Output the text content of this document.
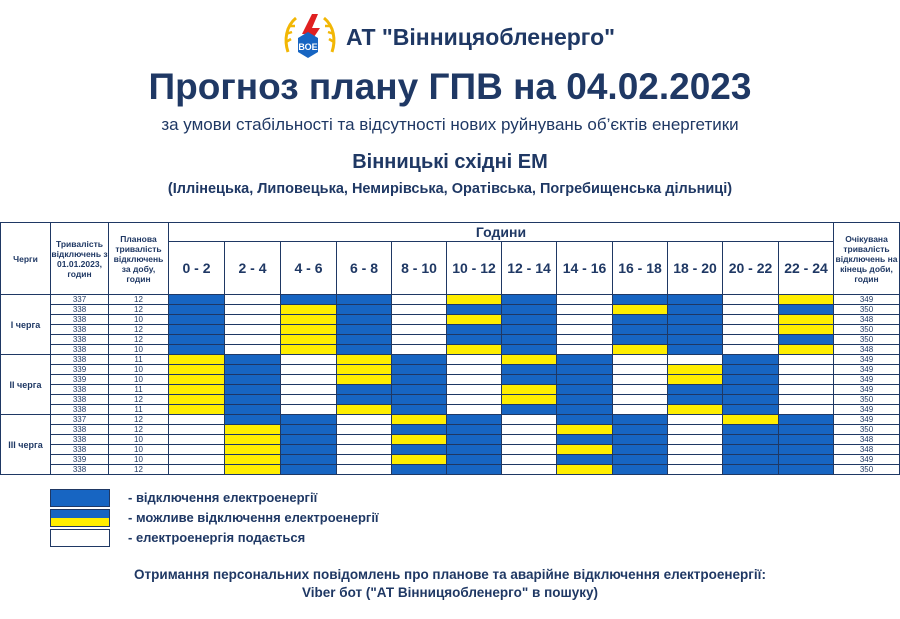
ВОЕ АТ "Вінницяобленерго"
Прогноз плану ГПВ на 04.02.2023
за умови стабільності та відсутності нових руйнувань об’єктів енергетики
Вінницькі східні ЕМ
(Іллінецька, Липовецька, Немирівська, Оратівська, Погребищенська дільниці)
Черги	Тривалість відключень з 01.01.2023, годин	Планова тривалість відключень за добу, годин	Години												Очікувана тривалість відключень на кінець доби, годин
			0 - 2	2 - 4	4 - 6	6 - 8	8 - 10	10 - 12	12 - 14	14 - 16	16 - 18	18 - 20	20 - 22	22 - 24	
I черга	337	12													349
	338	12													350
	338	10													348
	338	12													350
	338	12													350
	338	10													348
II черга	338	11													349
	339	10													349
	339	10													349
	338	11													349
	338	12													350
	338	11													349
III черга	337	12													349
	338	12													350
	338	10													348
	338	10													348
	339	10													349
	338	12													350
- відключення електроенергії
- можливе відключення електроенергії
- електроенергія подається
Отримання персональних повідомлень про планове та аварійне відключення електроенергії:
Viber бот ("АТ Вінницяобленерго" в пошуку)
